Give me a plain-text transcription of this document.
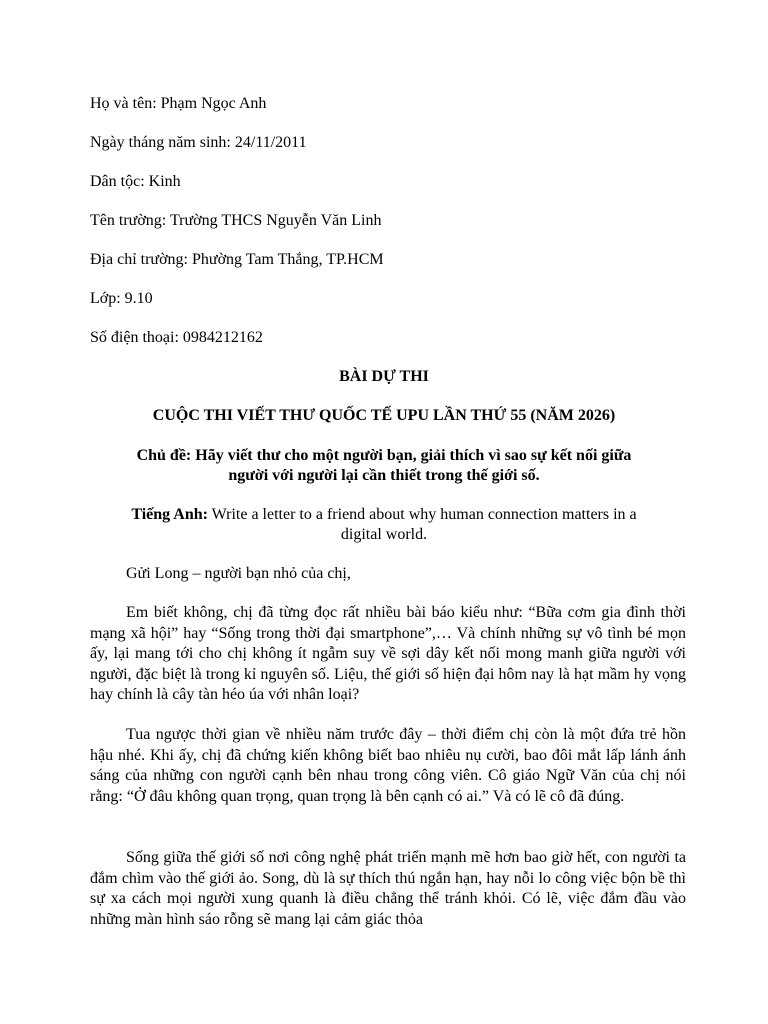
Họ và tên: Phạm Ngọc Anh
Ngày tháng năm sinh: 24/11/2011
Dân tộc: Kinh
Tên trường: Trường THCS Nguyễn Văn Linh
Địa chỉ trường: Phường Tam Thắng, TP.HCM
Lớp: 9.10
Số điện thoại: 0984212162
BÀI DỰ THI
CUỘC THI VIẾT THƯ QUỐC TẾ UPU LẦN THỨ 55 (NĂM 2026)
Chủ đề: Hãy viết thư cho một người bạn, giải thích vì sao sự kết nối giữa
người với người lại cần thiết trong thế giới số.
Tiếng Anh: Write a letter to a friend about why human connection matters in a
digital world.
Gửi Long – người bạn nhỏ của chị,

Em biết không, chị đã từng đọc rất nhiều bài báo kiểu như: “Bữa cơm gia đình thời mạng xã hội” hay “Sống trong thời đại smartphone”,… Và chính những sự vô tình bé mọn ấy, lại mang tới cho chị không ít ngẫm suy về sợi dây kết nối mong manh giữa người với người, đặc biệt là trong kỉ nguyên số. Liệu, thế giới số hiện đại hôm nay là hạt mầm hy vọng hay chính là cây tàn héo úa với nhân loại?

Tua ngược thời gian về nhiều năm trước đây – thời điểm chị còn là một đứa trẻ hồn hậu nhé. Khi ấy, chị đã chứng kiến không biết bao nhiêu nụ cười, bao đôi mắt lấp lánh ánh sáng của những con người cạnh bên nhau trong công viên. Cô giáo Ngữ Văn của chị nói rằng: “Ở đâu không quan trọng, quan trọng là bên cạnh có ai.” Và có lẽ cô đã đúng.

Sống giữa thế giới số nơi công nghệ phát triển mạnh mẽ hơn bao giờ hết, con người ta đắm chìm vào thế giới ảo. Song, dù là sự thích thú ngắn hạn, hay nỗi lo công việc bộn bề thì sự xa cách mọi người xung quanh là điều chẳng thể tránh khỏi. Có lẽ, việc đắm đầu vào những màn hình sáo rỗng sẽ mang lại cảm giác thỏa
